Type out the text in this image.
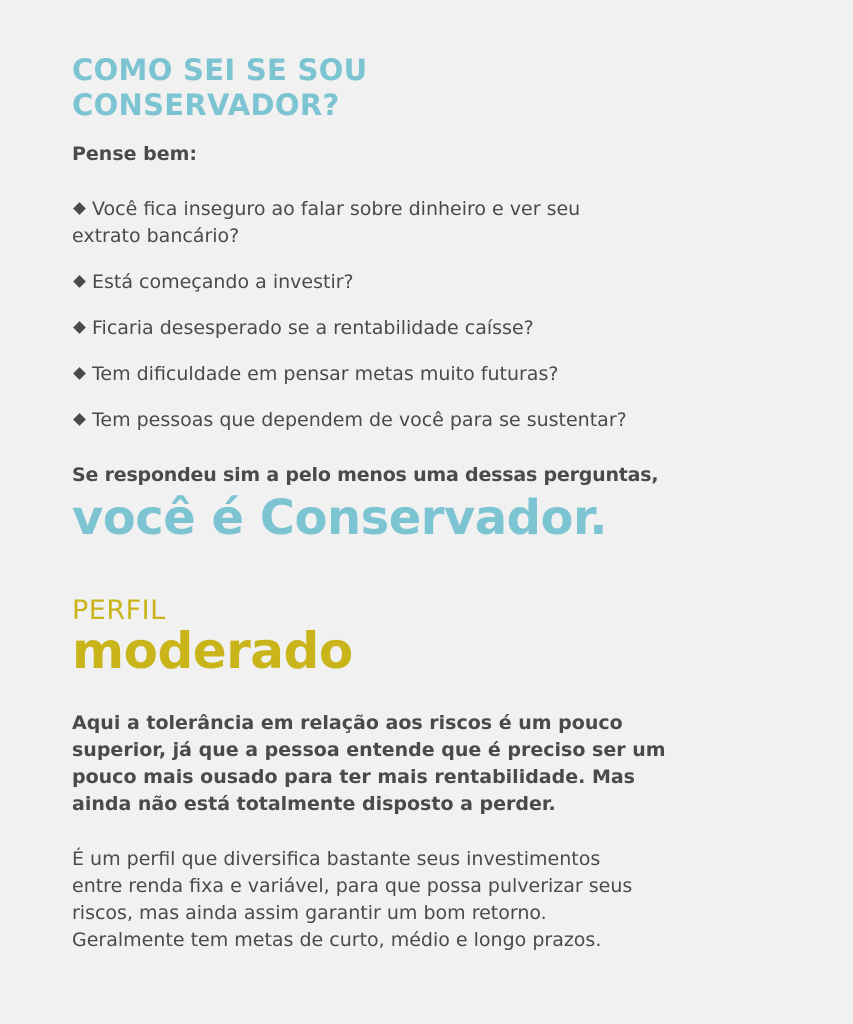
COMO SEI SE SOU
CONSERVADOR?

Pense bem:

Você fica inseguro ao falar sobre dinheiro e ver seu
extrato bancário?
Está começando a investir?
Ficaria desesperado se a rentabilidade caísse?
Tem dificuldade em pensar metas muito futuras?
Tem pessoas que dependem de você para se sustentar?

Se respondeu sim a pelo menos uma dessas perguntas,

você é Conservador.

PERFIL

moderado

Aqui a tolerância em relação aos riscos é um pouco
superior, já que a pessoa entende que é preciso ser um
pouco mais ousado para ter mais rentabilidade. Mas
ainda não está totalmente disposto a perder.

É um perfil que diversifica bastante seus investimentos
entre renda fixa e variável, para que possa pulverizar seus
riscos, mas ainda assim garantir um bom retorno.
Geralmente tem metas de curto, médio e longo prazos.
